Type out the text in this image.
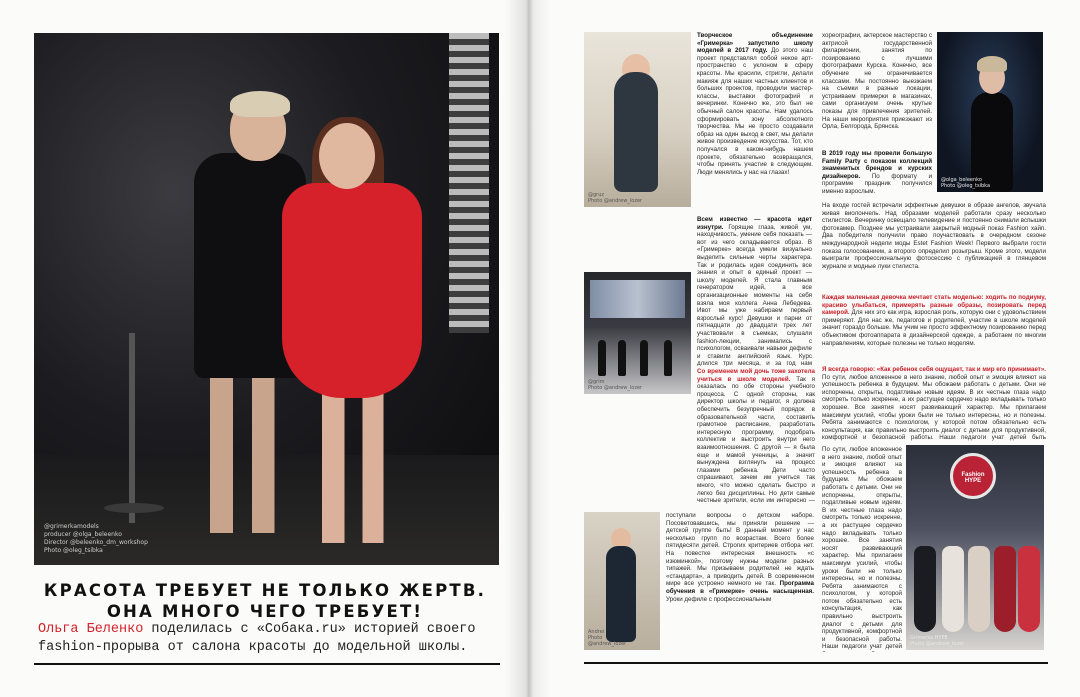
@grimerkamodels
producer @olga_beleenko
Director @beleenko_dm_workshop
Photo @oleg_tsibka
КРАСОТА ТРЕБУЕТ НЕ ТОЛЬКО ЖЕРТВ.
ОНА МНОГО ЧЕГО ТРЕБУЕТ!
Ольга Беленко поделилась с «Собака.ru» историей своего fashion-прорыва от салона красоты до модельной школы.
@gruz
Photo @andrew_lozer
@olga_beleenko
Photo @oleg_tsibka
@grim
Photo @andrew_lozer
Andrei
Photo
@andrew_lozer
Fashion HYPE
Grimerka HYPE
Photo @andrew_lozer
Творческое объединение «Гримерка» запустило школу моделей в 2017 году. До этого наш проект представлял собой некое арт-пространство с уклоном в сферу красоты. Мы красили, стригли, делали макияж для наших частных клиентов и больших проектов, проводили мастер-классы, выставки фотографий и вечеринки. Конечно же, это был не обычный салон красоты. Нам удалось сформировать зону абсолютного творчества. Мы не просто создавали образ на один выход в свет, мы делали живое произведение искусства. Тот, кто получался в каком-нибудь нашем проекте, обязательно возвращался, чтобы принять участие в следующем. Люди менялись у нас на глазах!
хореографии, актерское мастерство с актрисой государственной филармонии, занятия по позированию с лучшими фотографами Курска. Конечно, все обучение не ограничивается классами. Мы постоянно выезжаем на съемки в разные локации, устраиваем примерки в магазинах, сами организуем очень крутые показы для привлечения зрителей. На наши мероприятия приезжают из Орла, Белгорода, Брянска.
В 2019 году мы провели большую Family Party с показом коллекций знаменитых брендов и курских дизайнеров. По формату и программе праздник получился именно взрослым.
Всем известно — красота идет изнутри. Горящие глаза, живой ум, находчивость, умение себя показать — вот из чего складывается образ. В «Гримерке» всегда умели визуально выделить сильные черты характера. Так и родилась идея соединить все знания и опыт в единый проект — школу моделей. Я стала главным генератором идей, а все организационные моменты на себя взяла моя коллега Анна Лебедева. Ивот мы уже набираем первый взрослый курс! Девушки и парни от пятнадцати до двадцати трех лет участвовали в съемках, слушали fashion-лекции, занимались с психологом, осваивали навыки дефиле и ставили английский язык. Курс длился три месяца, и за год нам
На входе гостей встречали эффектные девушки в образе ангелов, звучала живая виолончель. Над образами моделей работали сразу несколько стилистов. Вечеринку освещало телевидение и постоянно снимали вспышки фотокамер. Позднее мы устраивали закрытый модный показ Fashion хайп. Два победителя получили право поучаствовать в очередном сезоне международной недели моды Estet Fashion Week! Первого выбрали гости показа голосованием, а второго определил розыгрыш. Кроме этого, модели выиграли профессиональную фотосессию с публикацией в глянцевом журнале и модные луки стилиста.
Каждая маленькая девочка мечтает стать моделью: ходить по подиуму, красиво улыбаться, примерять разные образы, позировать перед камерой. Для них это как игра, взрослая роль, которую они с удовольствием примеряют. Для нас же, педагогов и родителей, участие в школе моделей значит гораздо больше. Мы учим не просто эффектному позированию перед объективом фотоаппарата в дизайнерской одежде, а работаем по многим направлениям, которые полезны не только моделям.
Со временем мой дочь тоже захотела учиться в школе моделей. Так я оказалась по обе стороны учебного процесса. С одной стороны, как директор школы и педагог, я должна обеспечить безупречный порядок в образовательной части, составить грамотное расписание, разработать интересную программу, подобрать коллектив и выстроить внутри него взаимоотношения. С другой — я была еще и мамой ученицы, а значит вынуждена взглянуть на процесс глазами ребенка. Дети часто спрашивают, зачем им учиться так много, что можно сделать быстро и легко без дисциплины. Но дети самые честные зрители, если им интересно —
поступали вопросы о детском наборе. Посоветовавшись, мы приняли решение — детской группе быть! В данный момент у нас несколько групп по возрастам. Всего более пятидесяти детей. Строгих критериев отбора нет. На повестке интересная внешность «с изюминкой», поэтому нужны модели разных типажей. Мы призываем родителей не ждать «стандарта», а приводить детей. В современном мире все устроено немного не так. Программа обучения в «Гримерке» очень насыщенная. Уроки дефиле с профессиональным
Я всегда говорю: «Как ребенок себя ощущает, так и мир его принимает». По сути, любое вложенное в него знание, любой опыт и эмоция влияют на успешность ребенка в будущем. Мы обожаем работать с детьми. Они не испорчены, открыты, податливые новым идеям. В их честные глаза надо смотреть только искренне, а их растущее сердечко надо вкладывать только хорошее. Все занятия носят развивающий характер. Мы прилагаем максимум усилий, чтобы уроки были не только интересны, но и полезны. Ребята занимаются с психологом, у которой потом обязательно есть консультация, как правильно выстроить диалог с детьми для продуктивной, комфортной и безопасной работы. Наши педагоги учат детей быть
По сути, любое вложенное в него знание, любой опыт и эмоция влияют на успешность ребенка в будущем. Мы обожаем работать с детьми. Они не испорчены, открыты, податливые новым идеям. В их честные глаза надо смотреть только искренне, а их растущее сердечко надо вкладывать только хорошее. Все занятия носят развивающий характер. Мы прилагаем максимум усилий, чтобы уроки были не только интересны, но и полезны. Ребята занимаются с психологом, у которой потом обязательно есть консультация, как правильно выстроить диалог с детьми для продуктивной, комфортной и безопасной работы. Наши педагоги учат детей
